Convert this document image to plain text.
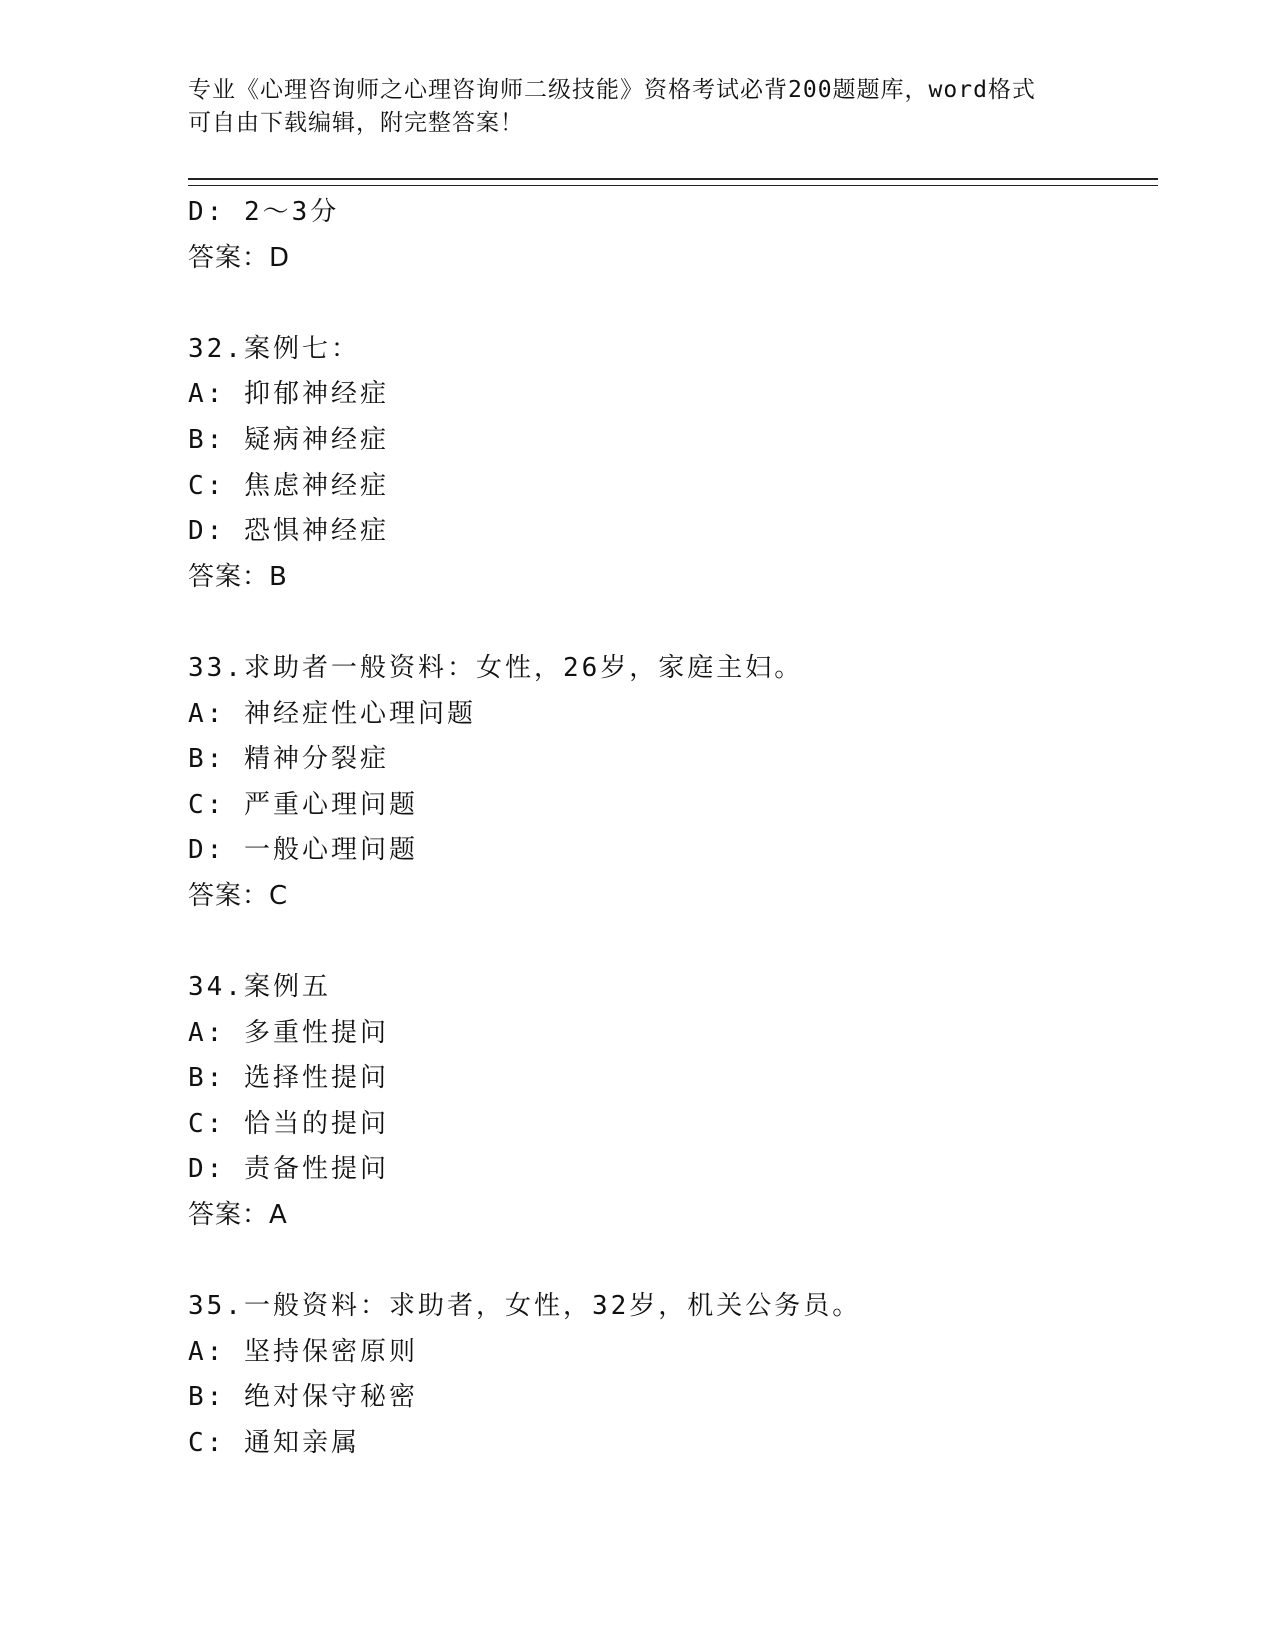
专业《心理咨询师之心理咨询师二级技能》资格考试必背200题题库，word格式
可自由下载编辑，附完整答案！
D: 2～3分
答案：D
32.案例七：
A: 抑郁神经症
B: 疑病神经症
C: 焦虑神经症
D: 恐惧神经症
答案：B
33.求助者一般资料：女性，26岁，家庭主妇。
A: 神经症性心理问题
B: 精神分裂症
C: 严重心理问题
D: 一般心理问题
答案：C
34.案例五
A: 多重性提问
B: 选择性提问
C: 恰当的提问
D: 责备性提问
答案：A
35.一般资料：求助者，女性，32岁，机关公务员。
A: 坚持保密原则
B: 绝对保守秘密
C: 通知亲属
